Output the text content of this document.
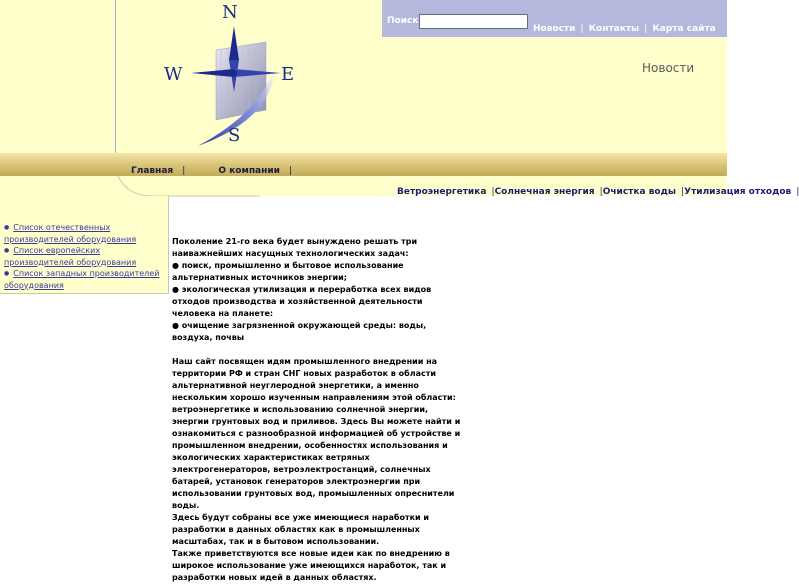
N
W	E
S
Поиск
Новости | Контакты | Карта сайта
Новости
Главная |	О компании |
Ветроэнергетика |Солнечная энергия |Очистка воды |Утилизация отходов |
● Список отечественных производителей оборудования
● Список европейских производителей оборудования
● Список западных производителей оборудования

Поколение 21-го века будет вынуждено решать три наиважнейших насущных технологических задач:

● поиск, промышленно и бытовое использование альтернативных источников энергии;

● экологическая утилизация и переработка всех видов отходов производства и хозяйственной деятельности человека на планете:

● очищение загрязненной окружающей среды: воды, воздуха, почвы

Наш сайт посвящен идям промышленного внедрении на территории РФ и стран СНГ новых разработок в области альтернативной неуглеродной энергетики, а именно нескольким хорошо изученным направлениям этой области: ветроэнергетике и использованию солнечной энергии, энергии грунтовых вод и приливов. Здесь Вы можете найти и ознакомиться с разнообразной информацией об устройстве и промышленном внедрении, особенностях использования и экологических характеристиках ветряных электрогенераторов, ветроэлектростанций, солнечных батарей, установок генераторов электроэнергии при использовании грунтовых вод, промышленных опреснители воды.

Здесь будут собраны все уже имеющиеся наработки и разработки в данных областях как в промышленных масштабах, так и в бытовом использовании.

Также приветствуются все новые идеи как по внедрению в широкое использование уже имеющихся наработок, так и разработки новых идей в данных областях.
